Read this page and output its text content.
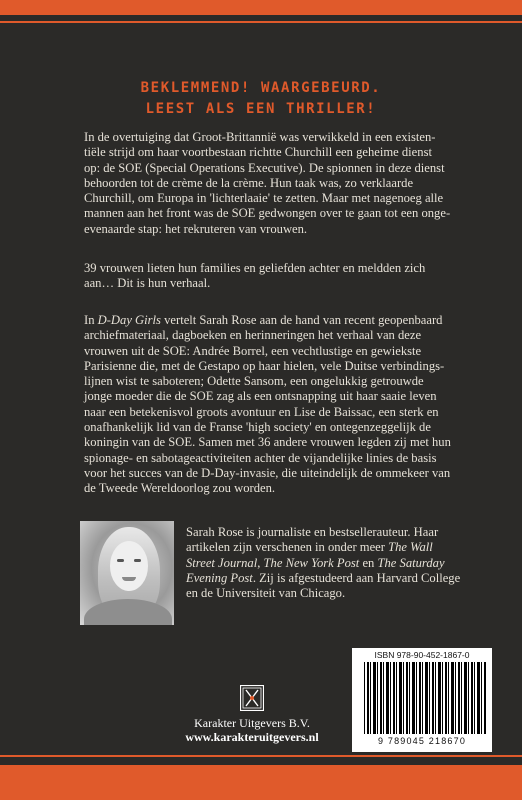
BEKLEMMEND! WAARGEBEURD.
LEEST ALS EEN THRILLER!
In de overtuiging dat Groot-Brittannië was verwikkeld in een existen-
tiële strijd om haar voortbestaan richtte Churchill een geheime dienst
op: de SOE (Special Operations Executive). De spionnen in deze dienst
behoorden tot de crème de la crème. Hun taak was, zo verklaarde
Churchill, om Europa in 'lichterlaaie' te zetten. Maar met nagenoeg alle
mannen aan het front was de SOE gedwongen over te gaan tot een onge-
evenaarde stap: het rekruteren van vrouwen.
39 vrouwen lieten hun families en geliefden achter en meldden zich
aan… Dit is hun verhaal.
In D-Day Girls vertelt Sarah Rose aan de hand van recent geopenbaard
archiefmateriaal, dagboeken en herinneringen het verhaal van deze
vrouwen uit de SOE: Andrée Borrel, een vechtlustige en gewiekste
Parisienne die, met de Gestapo op haar hielen, vele Duitse verbindings-
lijnen wist te saboteren; Odette Sansom, een ongelukkig getrouwde
jonge moeder die de SOE zag als een ontsnapping uit haar saaie leven
naar een betekenisvol groots avontuur en Lise de Baissac, een sterk en
onafhankelijk lid van de Franse 'high society' en ontegenzeggelijk de
koningin van de SOE. Samen met 36 andere vrouwen legden zij met hun
spionage- en sabotageactiviteiten achter de vijandelijke linies de basis
voor het succes van de D-Day-invasie, die uiteindelijk de ommekeer van
de Tweede Wereldoorlog zou worden.
Sarah Rose is journaliste en bestsellerauteur. Haar
artikelen zijn verschenen in onder meer The Wall
Street Journal, The New York Post en The Saturday
Evening Post. Zij is afgestudeerd aan Harvard College
en de Universiteit van Chicago.
ISBN 978-90-452-1867-0
9 789045 218670
Karakter Uitgevers B.V.
www.karakteruitgevers.nl
